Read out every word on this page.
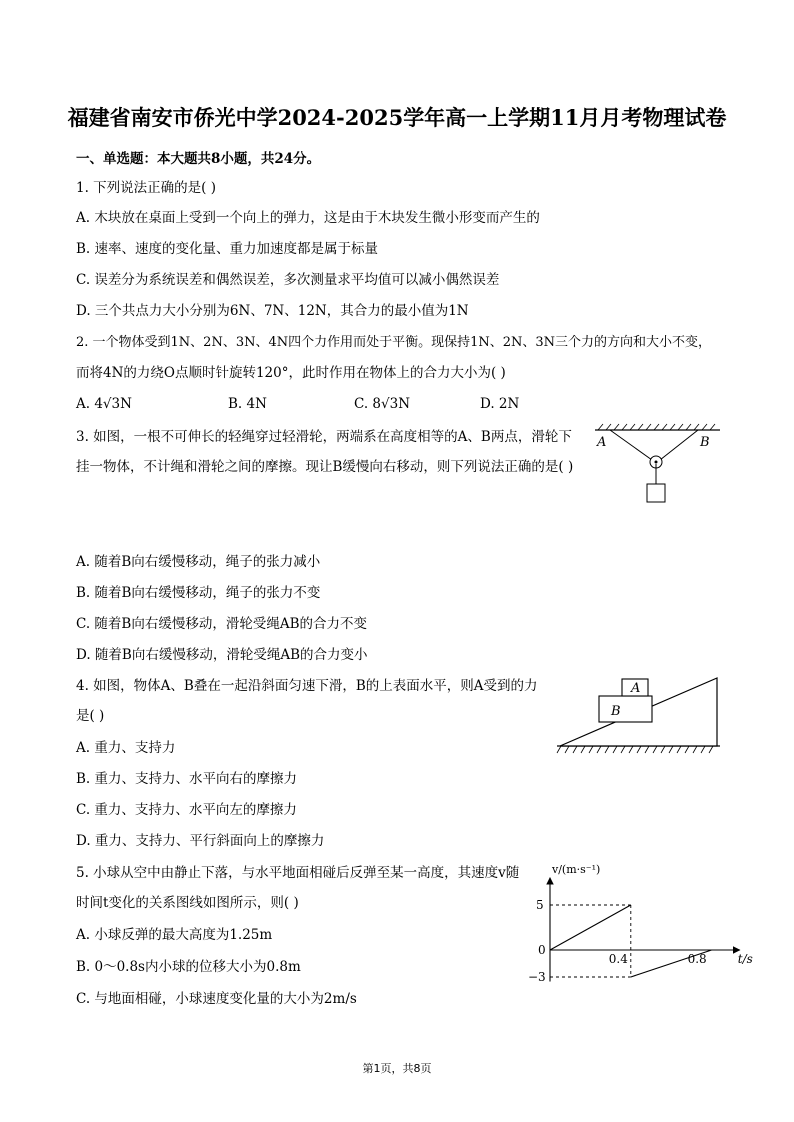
福建省南安市侨光中学2024-2025学年高一上学期11月月考物理试卷
一、单选题：本大题共8小题，共24分。
1. 下列说法正确的是( )
A. 木块放在桌面上受到一个向上的弹力，这是由于木块发生微小形变而产生的
B. 速率、速度的变化量、重力加速度都是属于标量
C. 误差分为系统误差和偶然误差，多次测量求平均值可以减小偶然误差
D. 三个共点力大小分别为6N、7N、12N，其合力的最小值为1N
2. 一个物体受到1N、2N、3N、4N四个力作用而处于平衡。现保持1N、2N、3N三个力的方向和大小不变，
而将4N的力绕O点顺时针旋转120°，此时作用在物体上的合力大小为( )
A. 4√3N	B. 4N	C. 8√3N	D. 2N
3. 如图，一根不可伸长的轻绳穿过轻滑轮，两端系在高度相等的A、B两点，滑轮下
挂一物体，不计绳和滑轮之间的摩擦。现让B缓慢向右移动，则下列说法正确的是( )
A	B
A. 随着B向右缓慢移动，绳子的张力减小
B. 随着B向右缓慢移动，绳子的张力不变
C. 随着B向右缓慢移动，滑轮受绳AB的合力不变
D. 随着B向右缓慢移动，滑轮受绳AB的合力变小
4. 如图，物体A、B叠在一起沿斜面匀速下滑，B的上表面水平，则A受到的力
是( )
A
B
A. 重力、支持力
B. 重力、支持力、水平向右的摩擦力
C. 重力、支持力、水平向左的摩擦力
D. 重力、支持力、平行斜面向上的摩擦力
5. 小球从空中由静止下落，与水平地面相碰后反弹至某一高度，其速度v随
时间t变化的关系图线如图所示，则( )
A. 小球反弹的最大高度为1.25m
B. 0～0.8s内小球的位移大小为0.8m
C. 与地面相碰，小球速度变化量的大小为2m/s
v/(m·s⁻¹)
t/s
5
0
−3
0.4	0.8
第1页，共8页
